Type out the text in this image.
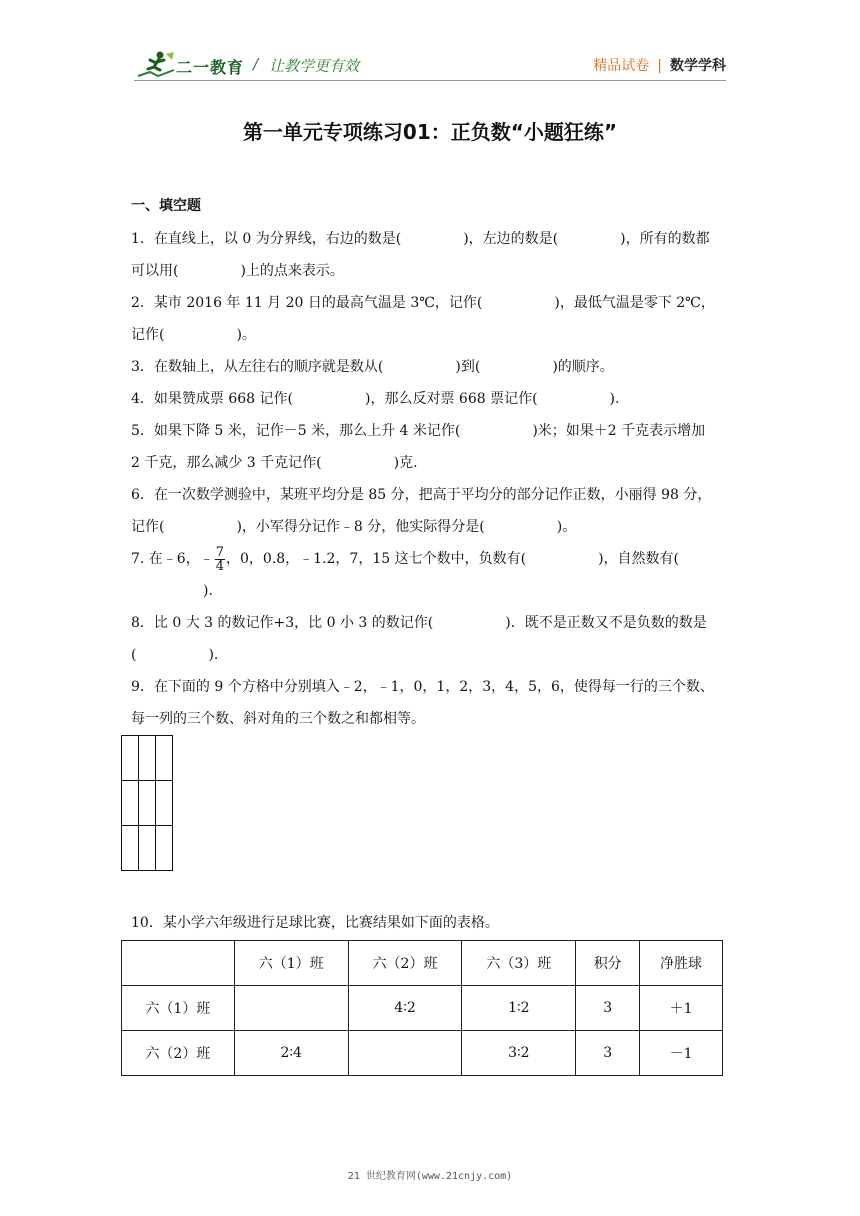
二一教育 / 让教学更有效	精品试卷 | 数学学科
第一单元专项练习01：正负数“小题狂练”
一、填空题
1．在直线上，以 0 为分界线，右边的数是(	)，左边的数是(	)，所有的数都
可以用(	)上的点来表示。
2．某市 2016 年 11 月 20 日的最高气温是 3℃，记作(	)，最低气温是零下 2℃，
记作(	)。
3．在数轴上，从左往右的顺序就是数从(	)到(	)的顺序。
4．如果赞成票 668 记作(	)，那么反对票 668 票记作(	).
5．如果下降 5 米，记作－5 米，那么上升 4 米记作(	)米；如果＋2 千克表示增加
2 千克，那么减少 3 千克记作(	)克.
6．在一次数学测验中，某班平均分是 85 分，把高于平均分的部分记作正数，小丽得 98 分，
记作(	)，小军得分记作﹣8 分，他实际得分是(	)。
7. 在﹣6，﹣ $\frac{7}{4}$ ，0，0.8，﹣1.2，7，15 这七个数中，负数有(	)，自然数有().
8．比 0 大 3 的数记作+3，比 0 小 3 的数记作(	)．既不是正数又不是负数的数是
(	).
9．在下面的 9 个方格中分别填入﹣2，﹣1，0，1，2，3，4，5，6，使得每一行的三个数、
每一列的三个数、斜对角的三个数之和都相等。

10．某小学六年级进行足球比赛，比赛结果如下面的表格。
	六（1）班	六（2）班	六（3）班	积分	净胜球
六（1）班		4∶2	1∶2	3	＋1
六（2）班	2∶4		3∶2	3	－1
21 世纪教育网(www.21cnjy.com)
